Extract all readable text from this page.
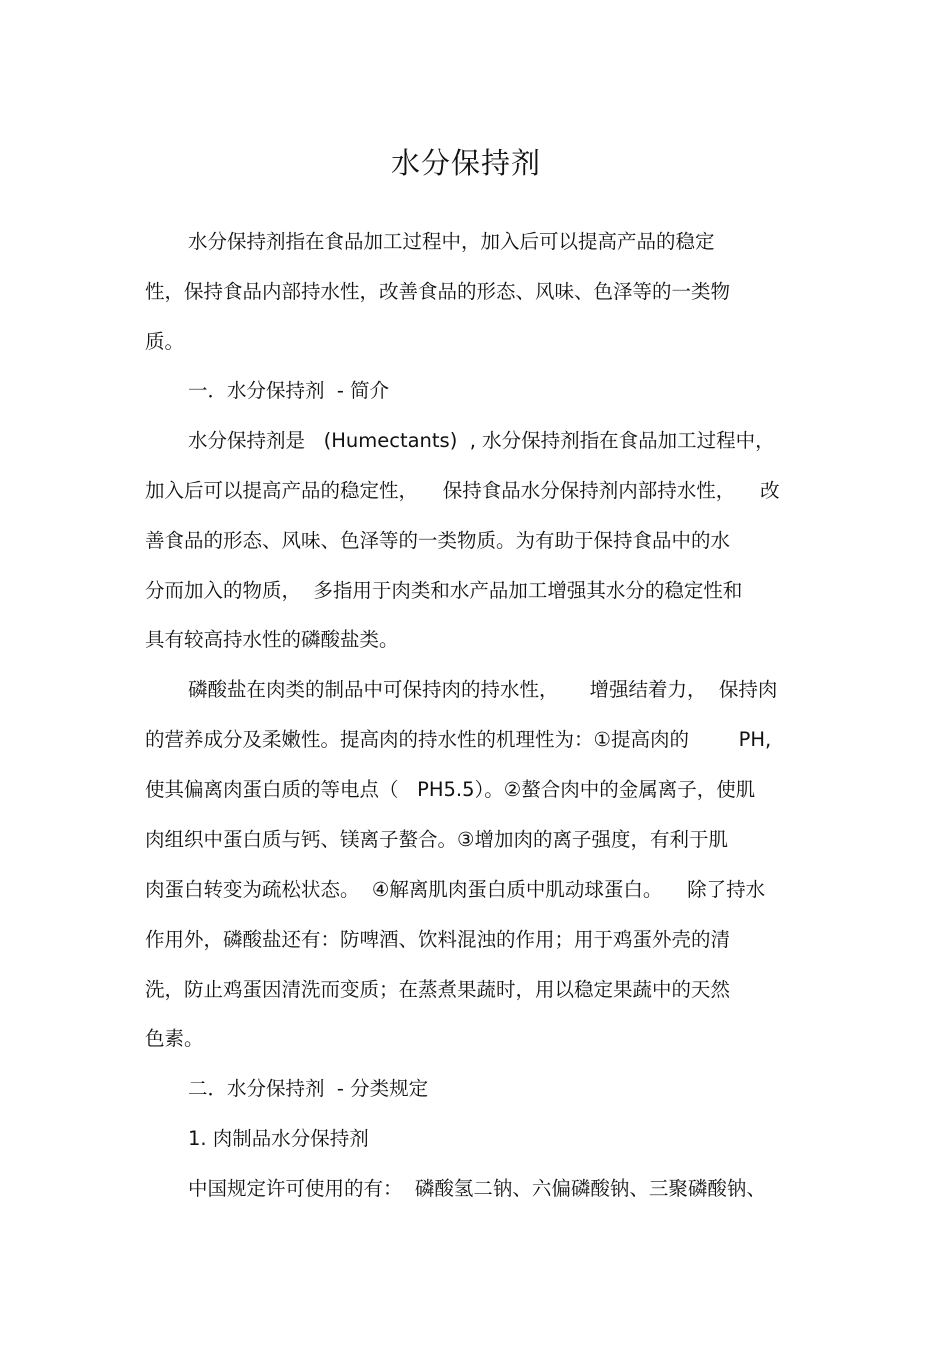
水分保持剂
水分保持剂指在食品加工过程中，加入后可以提高产品的稳定
性，保持食品内部持水性，改善食品的形态、风味、色泽等的一类物
质。
一．水分保持剂  - 简介
水分保持剂是   (Humectants)  , 水分保持剂指在食品加工过程中，
加入后可以提高产品的稳定性，    保持食品水分保持剂内部持水性，    改
善食品的形态、风味、色泽等的一类物质。为有助于保持食品中的水
分而加入的物质，  多指用于肉类和水产品加工增强其水分的稳定性和
具有较高持水性的磷酸盐类。
磷酸盐在肉类的制品中可保持肉的持水性，     增强结着力，  保持肉
的营养成分及柔嫩性。提高肉的持水性的机理性为：①提高肉的        PH,
使其偏离肉蛋白质的等电点（   PH5.5）。②螯合肉中的金属离子，使肌
肉组织中蛋白质与钙、镁离子螯合。③增加肉的离子强度，有利于肌
肉蛋白转变为疏松状态。  ④解离肌肉蛋白质中肌动球蛋白。    除了持水
作用外，磷酸盐还有：防啤酒、饮料混浊的作用；用于鸡蛋外壳的清
洗，防止鸡蛋因清洗而变质；在蒸煮果蔬时，用以稳定果蔬中的天然
色素。
二．水分保持剂  - 分类规定
1. 肉制品水分保持剂
中国规定许可使用的有：  磷酸氢二钠、六偏磷酸钠、三聚磷酸钠、
